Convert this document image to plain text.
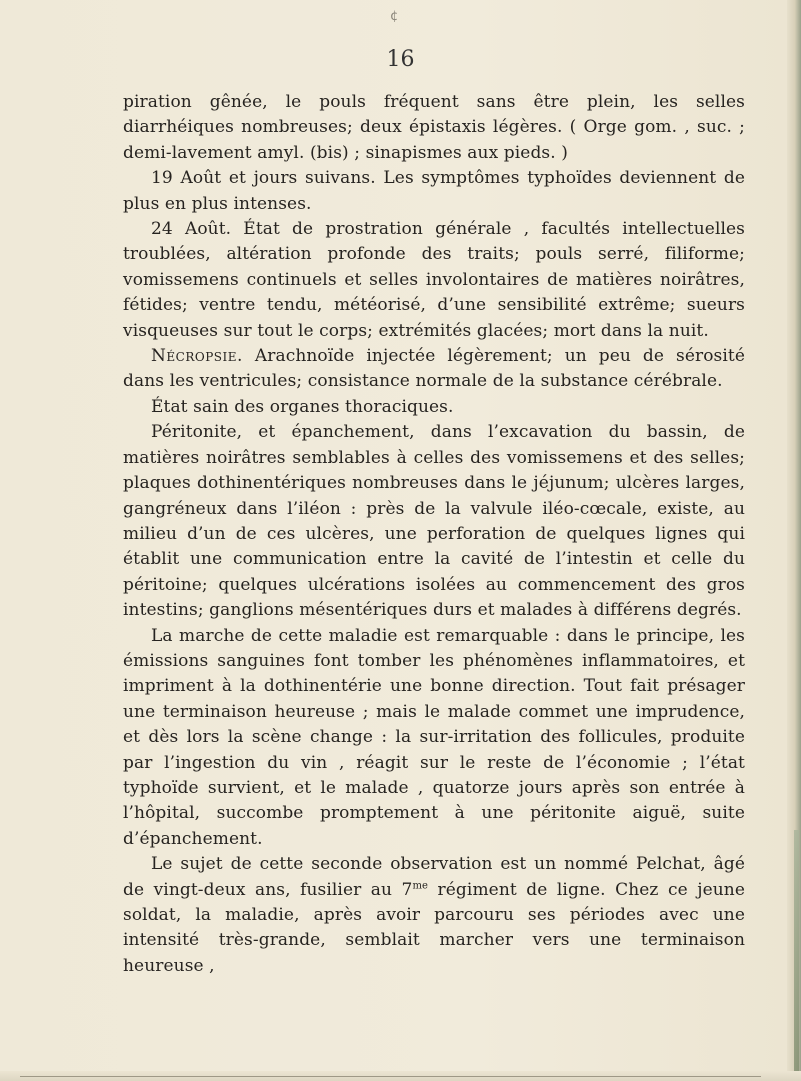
¢
16

piration gênée, le pouls fréquent sans être plein, les selles diarrhéiques nombreuses; deux épistaxis légères. ( Orge gom. , suc. ; demi-lavement amyl. (bis) ; sinapismes aux pieds. )

19 Août et jours suivans. Les symptômes typhoïdes deviennent de plus en plus intenses.

24 Août. État de prostration générale , facultés intellectuelles troublées, altération profonde des traits; pouls serré, filiforme; vomissemens continuels et selles involontaires de matières noirâtres, fétides; ventre tendu, météorisé, d’une sensibilité extrême; sueurs visqueuses sur tout le corps; extrémités glacées; mort dans la nuit.

Nécropsie. Arachnoïde injectée légèrement; un peu de sérosité dans les ventricules; consistance normale de la substance cérébrale.

État sain des organes thoraciques.

Péritonite, et épanchement, dans l’excavation du bassin, de matières noirâtres semblables à celles des vomissemens et des selles; plaques dothinentériques nombreuses dans le jéjunum; ulcères larges, gangréneux dans l’iléon : près de la valvule iléo-cœcale, existe, au milieu d’un de ces ulcères, une perforation de quelques lignes qui établit une communication entre la cavité de l’intestin et celle du péritoine; quelques ulcérations isolées au commencement des gros intestins; ganglions mésentériques durs et malades à différens degrés.

La marche de cette maladie est remarquable : dans le principe, les émissions sanguines font tomber les phénomènes inflammatoires, et impriment à la dothinentérie une bonne direction. Tout fait présager une terminaison heureuse ; mais le malade commet une imprudence, et dès lors la scène change : la sur-irritation des follicules, produite par l’ingestion du vin , réagit sur le reste de l’économie ; l’état typhoïde survient, et le malade , quatorze jours après son entrée à l’hôpital, succombe promptement à une péritonite aiguë, suite d’épanchement.

Le sujet de cette seconde observation est un nommé Pelchat, âgé de vingt-deux ans, fusilier au $7^{me}$ régiment de ligne. Chez ce jeune soldat, la maladie, après avoir parcouru ses périodes avec une intensité très-grande, semblait marcher vers une terminaison heureuse ,
